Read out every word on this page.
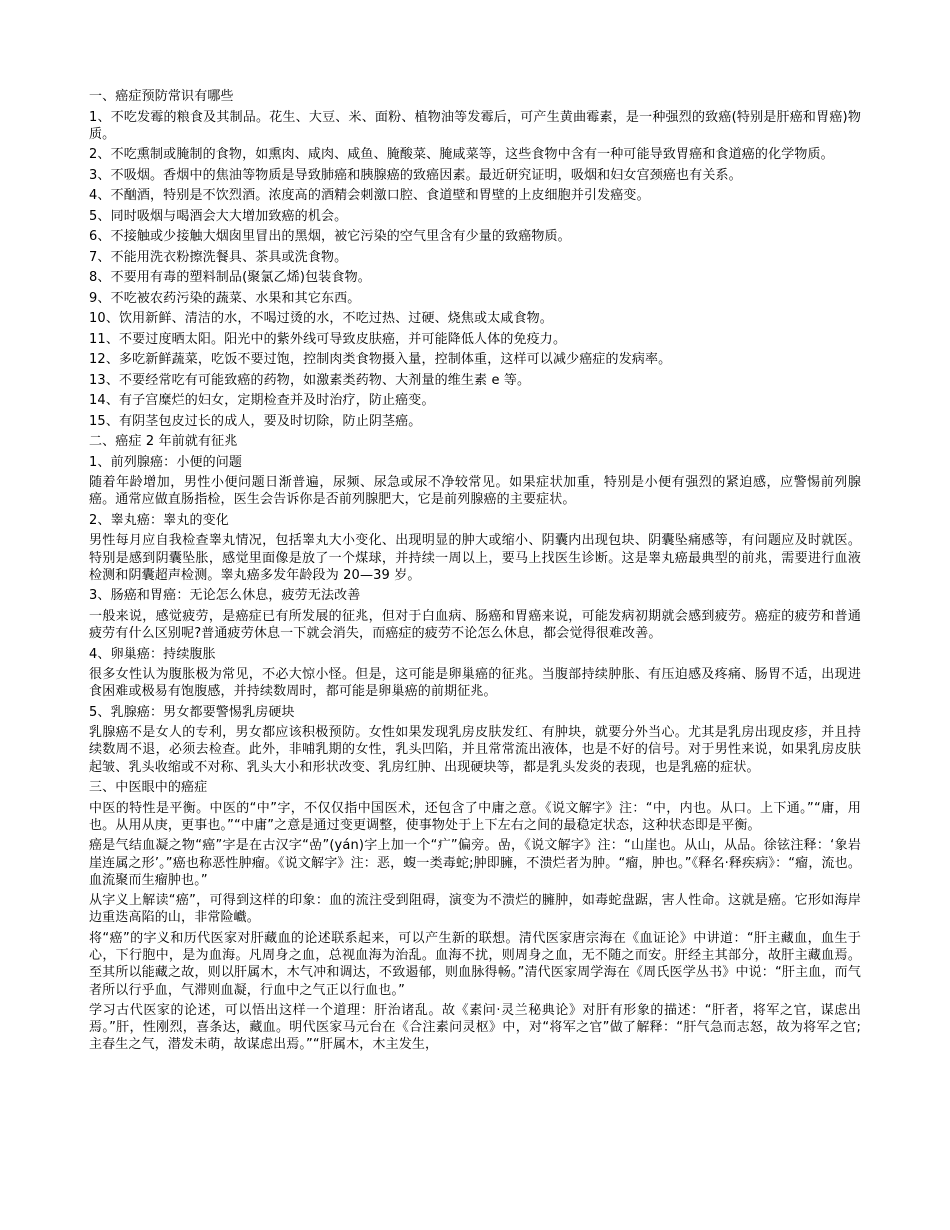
一、癌症预防常识有哪些

1、不吃发霉的粮食及其制品。花生、大豆、米、面粉、植物油等发霉后，可产生黄曲霉素，是一种强烈的致癌(特别是肝癌和胃癌)物质。

2、不吃熏制或腌制的食物，如熏肉、咸肉、咸鱼、腌酸菜、腌咸菜等，这些食物中含有一种可能导致胃癌和食道癌的化学物质。

3、不吸烟。香烟中的焦油等物质是导致肺癌和胰腺癌的致癌因素。最近研究证明，吸烟和妇女宫颈癌也有关系。

4、不酗酒，特别是不饮烈酒。浓度高的酒精会刺激口腔、食道壁和胃壁的上皮细胞并引发癌变。

5、同时吸烟与喝酒会大大增加致癌的机会。

6、不接触或少接触大烟囱里冒出的黑烟，被它污染的空气里含有少量的致癌物质。

7、不能用洗衣粉擦洗餐具、茶具或洗食物。

8、不要用有毒的塑料制品(聚氯乙烯)包装食物。

9、不吃被农药污染的蔬菜、水果和其它东西。

10、饮用新鲜、清洁的水，不喝过烫的水，不吃过热、过硬、烧焦或太咸食物。

11、不要过度晒太阳。阳光中的紫外线可导致皮肤癌，并可能降低人体的免疫力。

12、多吃新鲜蔬菜，吃饭不要过饱，控制肉类食物摄入量，控制体重，这样可以减少癌症的发病率。

13、不要经常吃有可能致癌的药物，如激素类药物、大剂量的维生素 e 等。

14、有子宫糜烂的妇女，定期检查并及时治疗，防止癌变。

15、有阴茎包皮过长的成人，要及时切除，防止阴茎癌。

二、癌症 2 年前就有征兆

1、前列腺癌：小便的问题

随着年龄增加，男性小便问题日渐普遍，尿频、尿急或尿不净较常见。如果症状加重，特别是小便有强烈的紧迫感，应警惕前列腺癌。通常应做直肠指检，医生会告诉你是否前列腺肥大，它是前列腺癌的主要症状。

2、睾丸癌：睾丸的变化

男性每月应自我检查睾丸情况，包括睾丸大小变化、出现明显的肿大或缩小、阴囊内出现包块、阴囊坠痛感等，有问题应及时就医。特别是感到阴囊坠胀，感觉里面像是放了一个煤球，并持续一周以上，要马上找医生诊断。这是睾丸癌最典型的前兆，需要进行血液检测和阴囊超声检测。睾丸癌多发年龄段为 20—39 岁。

3、肠癌和胃癌：无论怎么休息，疲劳无法改善

一般来说，感觉疲劳，是癌症已有所发展的征兆，但对于白血病、肠癌和胃癌来说，可能发病初期就会感到疲劳。癌症的疲劳和普通疲劳有什么区别呢?普通疲劳休息一下就会消失，而癌症的疲劳不论怎么休息，都会觉得很难改善。

4、卵巢癌：持续腹胀

很多女性认为腹胀极为常见，不必大惊小怪。但是，这可能是卵巢癌的征兆。当腹部持续肿胀、有压迫感及疼痛、肠胃不适，出现进食困难或极易有饱腹感，并持续数周时，都可能是卵巢癌的前期征兆。

5、乳腺癌：男女都要警惕乳房硬块

乳腺癌不是女人的专利，男女都应该积极预防。女性如果发现乳房皮肤发红、有肿块，就要分外当心。尤其是乳房出现皮疹，并且持续数周不退，必须去检查。此外，非哺乳期的女性，乳头凹陷，并且常常流出液体，也是不好的信号。对于男性来说，如果乳房皮肤起皱、乳头收缩或不对称、乳头大小和形状改变、乳房红肿、出现硬块等，都是乳头发炎的表现，也是乳癌的症状。

三、中医眼中的癌症

中医的特性是平衡。中医的“中”字，不仅仅指中国医术，还包含了中庸之意。《说文解字》注：“中，内也。从口。上下通。”“庸，用也。从用从庚，更事也。”“中庸”之意是通过变更调整，使事物处于上下左右之间的最稳定状态，这种状态即是平衡。

癌是气结血凝之物“癌”字是在古汉字“嵒”(yán)字上加一个“疒”偏旁。嵒，《说文解字》注：“山崖也。从山，从品。徐铉注释：‘象岩崖连属之形’。”癌也称恶性肿瘤。《说文解字》注：恶，蝮一类毒蛇;肿即臃，不溃烂者为肿。“瘤，肿也。”《释名·释疾病》：“瘤，流也。血流聚而生瘤肿也。”

从字义上解读“癌”，可得到这样的印象：血的流注受到阻碍，演变为不溃烂的臃肿，如毒蛇盘踞，害人性命。这就是癌。它形如海岸边重迭高陷的山，非常险巇。

将“癌”的字义和历代医家对肝藏血的论述联系起来，可以产生新的联想。清代医家唐宗海在《血证论》中讲道：“肝主藏血，血生于心，下行胞中，是为血海。凡周身之血，总视血海为治乱。血海不扰，则周身之血，无不随之而安。肝经主其部分，故肝主藏血焉。至其所以能藏之故，则以肝属木，木气冲和调达，不致遏郁，则血脉得畅。”清代医家周学海在《周氏医学丛书》中说：“肝主血，而气者所以行乎血，气滞则血凝，行血中之气正以行血也。”

学习古代医家的论述，可以悟出这样一个道理：肝治诸乱。故《素问·灵兰秘典论》对肝有形象的描述：“肝者，将军之官，谋虑出焉。”肝，性刚烈，喜条达，藏血。明代医家马元台在《合注素问灵枢》中，对“将军之官”做了解释：“肝气急而志怒，故为将军之官;主春生之气，潜发未萌，故谋虑出焉。”“肝属木，木主发生，
